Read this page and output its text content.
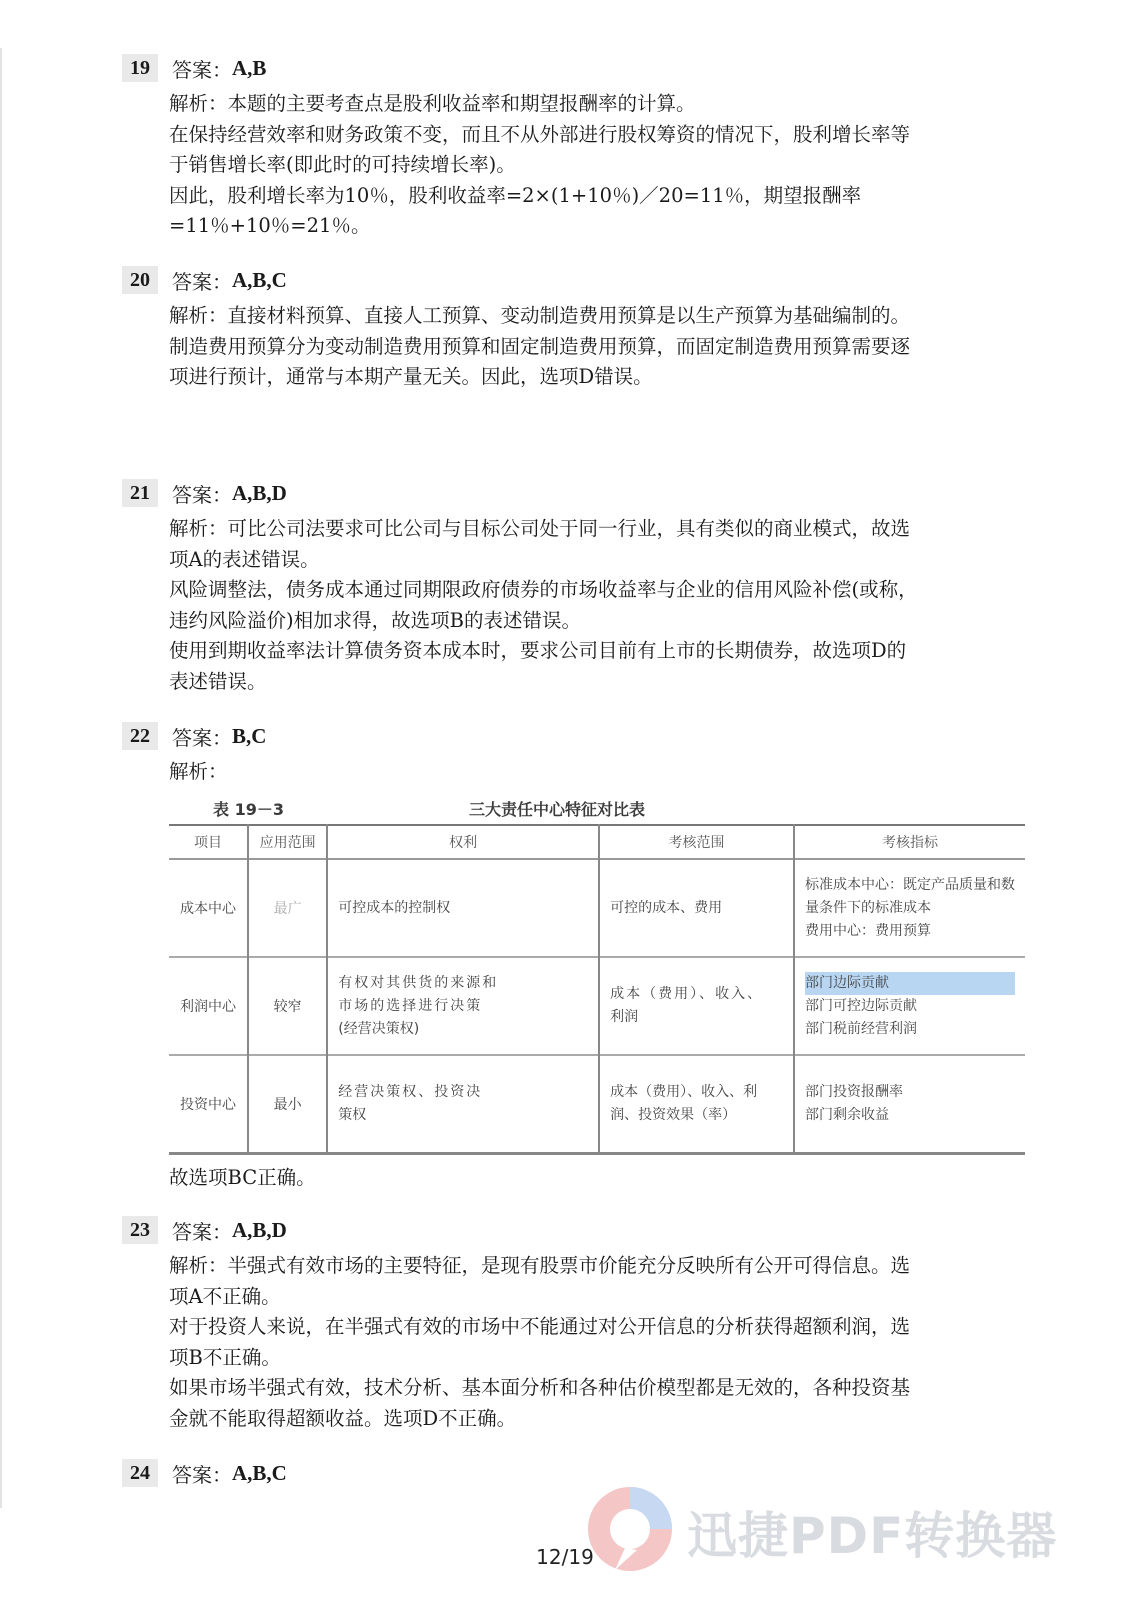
19	答案： A,B
解析：本题的主要考查点是股利收益率和期望报酬率的计算。
在保持经营效率和财务政策不变，而且不从外部进行股权筹资的情况下，股利增长率等
于销售增长率(即此时的可持续增长率)。
因此，股利增长率为10％，股利收益率=2×(1+10％)／20=11％，期望报酬率
=11％+10％=21％。
20	答案： A,B,C
解析：直接材料预算、直接人工预算、变动制造费用预算是以生产预算为基础编制的。
制造费用预算分为变动制造费用预算和固定制造费用预算，而固定制造费用预算需要逐
项进行预计，通常与本期产量无关。因此，选项D错误。
21	答案： A,B,D
解析：可比公司法要求可比公司与目标公司处于同一行业，具有类似的商业模式，故选
项A的表述错误。
风险调整法，债务成本通过同期限政府债券的市场收益率与企业的信用风险补偿(或称，
违约风险溢价)相加求得，故选项B的表述错误。
使用到期收益率法计算债务资本成本时，要求公司目前有上市的长期债券，故选项D的
表述错误。
22	答案： B,C
解析：
表 19－3	三大责任中心特征对比表
项目	应用范围	权利	考核范围	考核指标
成本中心	最广	可控成本的控制权	可控的成本、费用	标准成本中心：既定产品质量和数
量条件下的标准成本
费用中心：费用预算

利润中心	较窄	有权对其供货的来源和
市场的选择进行决策
(经营决策权)	成本（费用）、收入、
利润	部门边际贡献
部门可控边际贡献
部门税前经营利润

投资中心	最小	经营决策权、投资决
策权	成本（费用）、收入、利
润、投资效果（率）	部门投资报酬率
部门剩余收益
故选项BC正确。
23	答案： A,B,D
解析：半强式有效市场的主要特征，是现有股票市价能充分反映所有公开可得信息。选
项A不正确。
对于投资人来说，在半强式有效的市场中不能通过对公开信息的分析获得超额利润，选
项B不正确。
如果市场半强式有效，技术分析、基本面分析和各种估价模型都是无效的，各种投资基
金就不能取得超额收益。选项D不正确。
24	答案： A,B,C
迅捷PDF转换器
12/19
